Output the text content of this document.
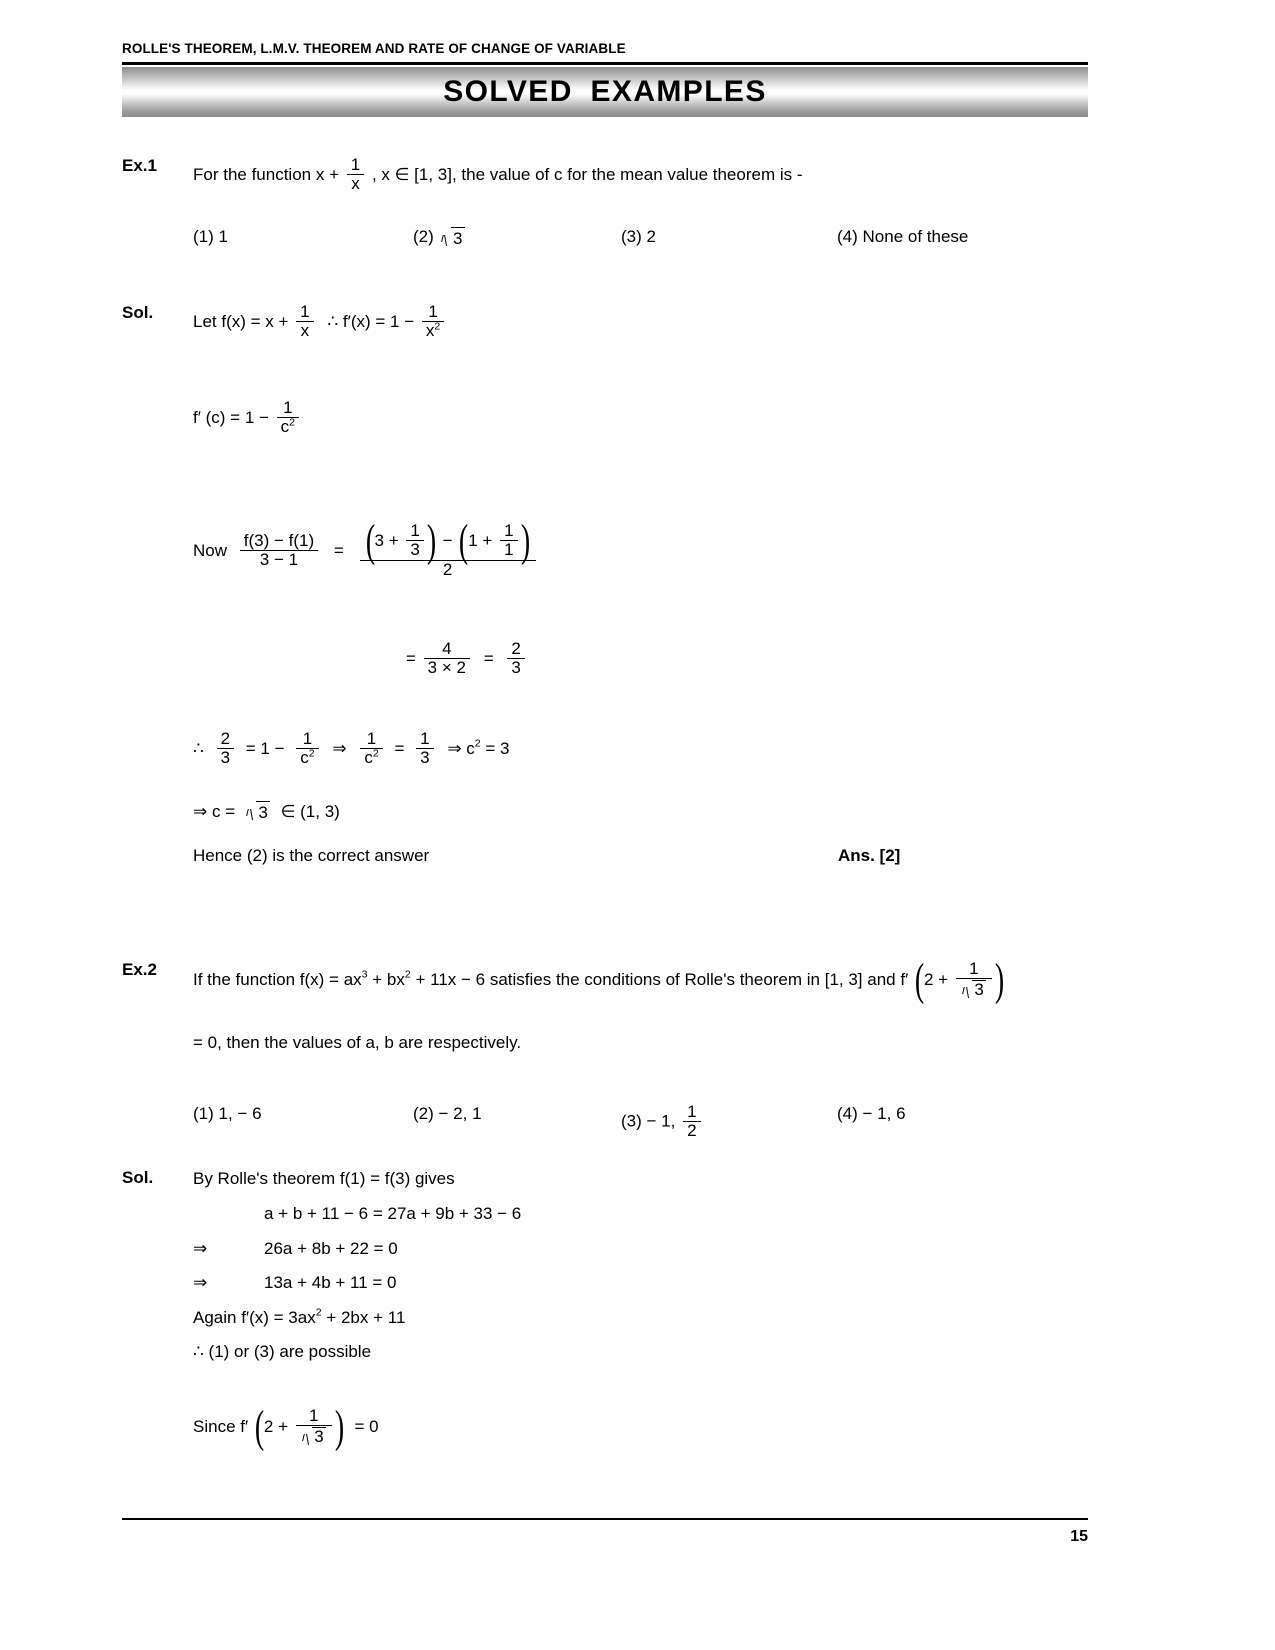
ROLLE'S THEOREM, L.M.V. THEOREM AND RATE OF CHANGE OF VARIABLE
SOLVED EXAMPLES
Ex.1 For the function $x + \frac{1}{x}$ , x ∈ [1, 3], the value of c for the mean value theorem is -
(1) 1	(2) 3	(3) 2	(4) None of these
Sol. Let $f(x) = x + \frac{1}{x}$ ∴ $f'(x) = 1 - \frac{1}{x^2}$
f′ $(c) = 1 - \frac{1}{c^2}$
Now $\frac{f(3) - f(1)}{3 - 1}$ = ( $3 + \frac{1}{3}$ ) − ( $1 + \frac{1}{1}$ )
2
= $\frac{4}{3 \times 2} = \frac{2}{3}$
∴ $\frac{2}{3} = 1 - \frac{1}{c^2}$ ⇒ $\frac{1}{c^2} = \frac{1}{3}$ ⇒ $c^2 = 3$
⇒ c = 3 ∈ (1, 3)
Hence (2) is the correct answer	Ans. [2]
Ex.2
If the function $f(x) = ax^3 + bx^2 + 11x - 6$ satisfies the conditions of Rolle's theorem in [1, 3] and f′ ( $2 + \frac{1}{3}$ )
= 0, then the values of a, b are respectively.
(1) 1, − 6	(2) − 2, 1	(3) − 1, $\frac{1}{2}$	(4) − 1, 6
Sol. By Rolle's theorem f(1) = f(3) gives
a + b + 11 − 6 = 27a + 9b + 33 − 6
⇒	26a + 8b + 22 = 0
⇒	13a + 4b + 11 = 0
Again $f'(x) = 3ax^2 + 2bx + 11$
∴ (1) or (3) are possible
Since f′ ( $2 + \frac{1}{3}$ ) = 0
15
